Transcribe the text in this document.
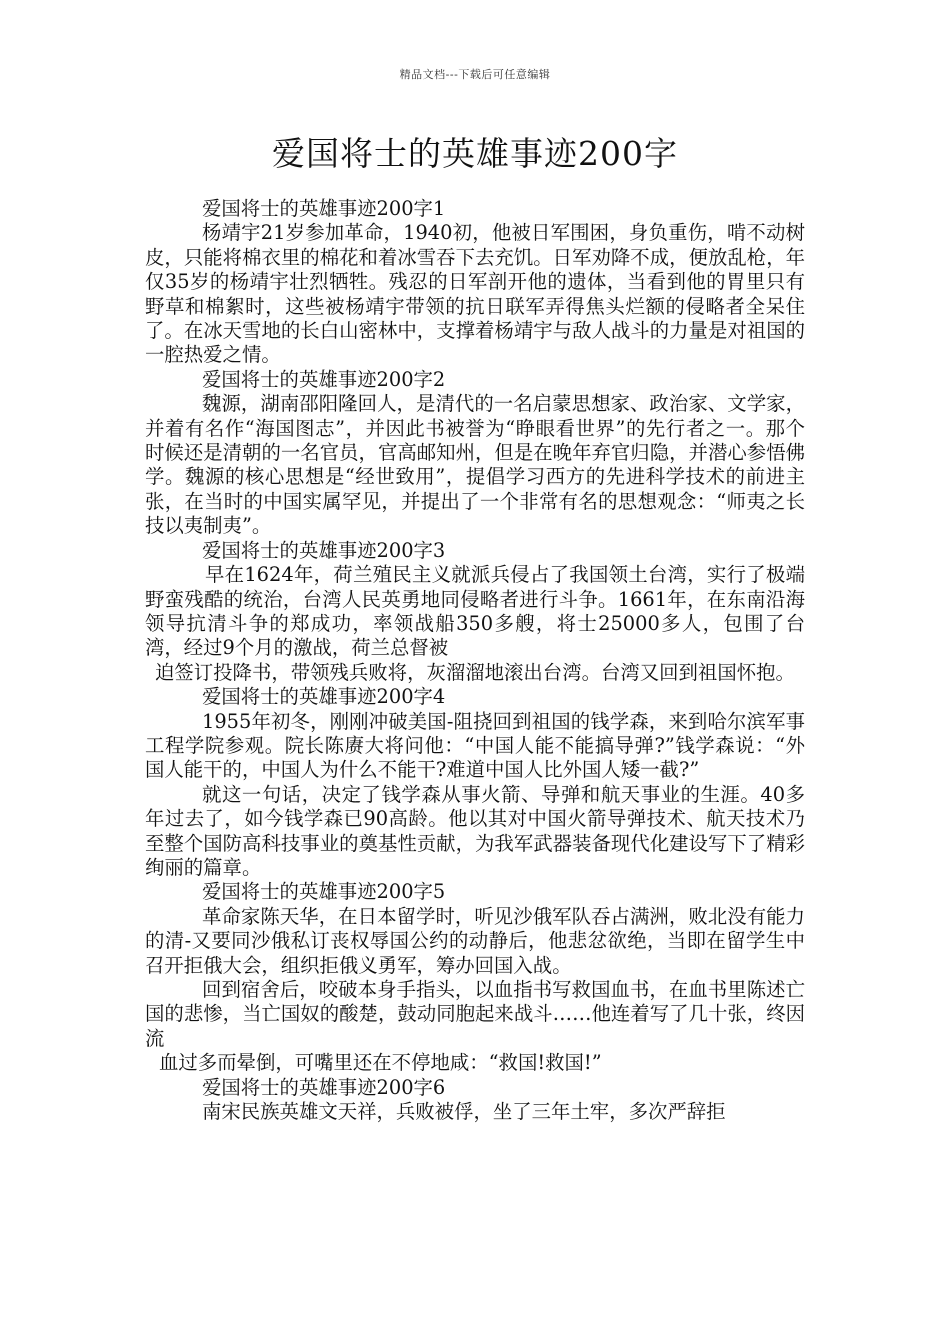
精品文档---下载后可任意编辑
爱国将士的英雄事迹200字

爱国将士的英雄事迹200字1

杨靖宇21岁参加革命，1940初，他被日军围困，身负重伤，啃不动树皮，只能将棉衣里的棉花和着冰雪吞下去充饥。日军劝降不成，便放乱枪，年仅35岁的杨靖宇壮烈牺牲。残忍的日军剖开他的遗体，当看到他的胃里只有野草和棉絮时，这些被杨靖宇带领的抗日联军弄得焦头烂额的侵略者全呆住了。在冰天雪地的长白山密林中，支撑着杨靖宇与敌人战斗的力量是对祖国的一腔热爱之情。

爱国将士的英雄事迹200字2

魏源，湖南邵阳隆回人，是清代的一名启蒙思想家、政治家、文学家，并着有名作“海国图志”，并因此书被誉为“睁眼看世界”的先行者之一。那个时候还是清朝的一名官员，官高邮知州，但是在晚年弃官归隐，并潜心参悟佛学。魏源的核心思想是“经世致用”，提倡学习西方的先进科学技术的前进主张，在当时的中国实属罕见，并提出了一个非常有名的思想观念：“师夷之长技以夷制夷”。

爱国将士的英雄事迹200字3

早在1624年，荷兰殖民主义就派兵侵占了我国领土台湾，实行了极端野蛮残酷的统治，台湾人民英勇地同侵略者进行斗争。1661年，在东南沿海领导抗清斗争的郑成功，率领战船350多艘，将士25000多人，包围了台湾，经过9个月的激战，荷兰总督被

迫签订投降书，带领残兵败将，灰溜溜地滚出台湾。台湾又回到祖国怀抱。

爱国将士的英雄事迹200字4

1955年初冬，刚刚冲破美国-阻挠回到祖国的钱学森，来到哈尔滨军事工程学院参观。院长陈赓大将问他：“中国人能不能搞导弹?”钱学森说：“外国人能干的，中国人为什么不能干?难道中国人比外国人矮一截?”

就这一句话，决定了钱学森从事火箭、导弹和航天事业的生涯。40多年过去了，如今钱学森已90高龄。他以其对中国火箭导弹技术、航天技术乃至整个国防高科技事业的奠基性贡献，为我军武器装备现代化建设写下了精彩绚丽的篇章。

爱国将士的英雄事迹200字5

革命家陈天华，在日本留学时，听见沙俄军队吞占满洲，败北没有能力的清-又要同沙俄私订丧权辱国公约的动静后，他悲忿欲绝，当即在留学生中召开拒俄大会，组织拒俄义勇军，筹办回国入战。

回到宿舍后，咬破本身手指头，以血指书写救国血书，在血书里陈述亡国的悲惨，当亡国奴的酸楚，鼓动同胞起来战斗……他连着写了几十张，终因流

血过多而晕倒，可嘴里还在不停地咸：“救国!救国!”

爱国将士的英雄事迹200字6

南宋民族英雄文天祥，兵败被俘，坐了三年土牢，多次严辞拒
